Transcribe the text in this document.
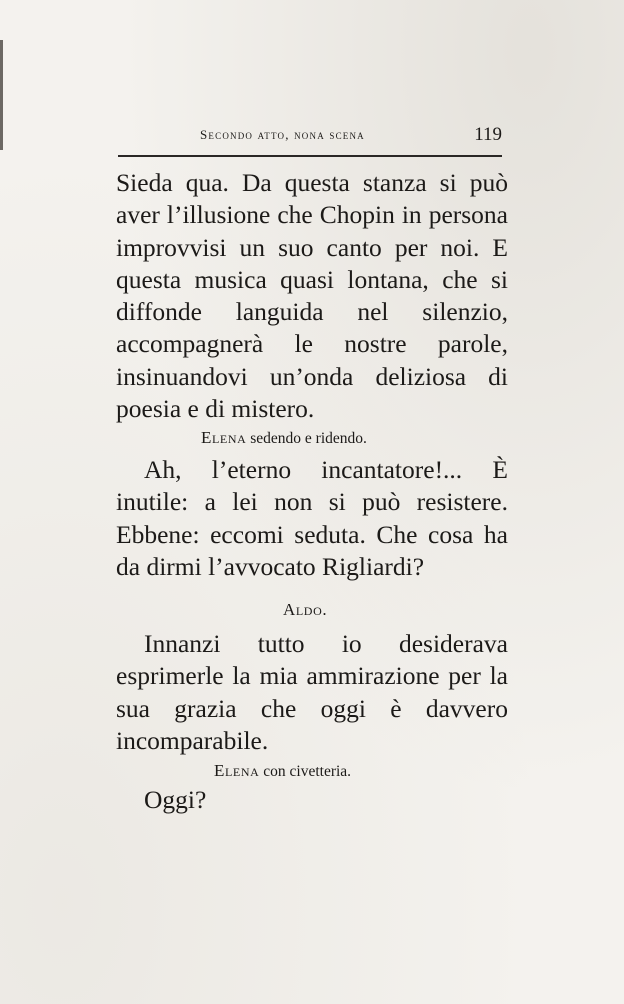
Secondo atto, nona scena	119

Sieda qua. Da questa stanza si può aver l’illusione che Chopin in persona improvvisi un suo canto per noi. E questa musica quasi lontana, che si diffonde languida nel silenzio, accompagnerà le nostre parole, insinuandovi un’onda deliziosa di poesia e di mistero.

Elena sedendo e ridendo.

Ah, l’eterno incantatore!... È inutile: a lei non si può resistere. Ebbene: eccomi seduta. Che cosa ha da dirmi l’avvocato Rigliardi?

Aldo.

Innanzi tutto io desiderava esprimerle la mia ammirazione per la sua grazia che oggi è davvero incomparabile.

Elena con civetteria.

Oggi?
